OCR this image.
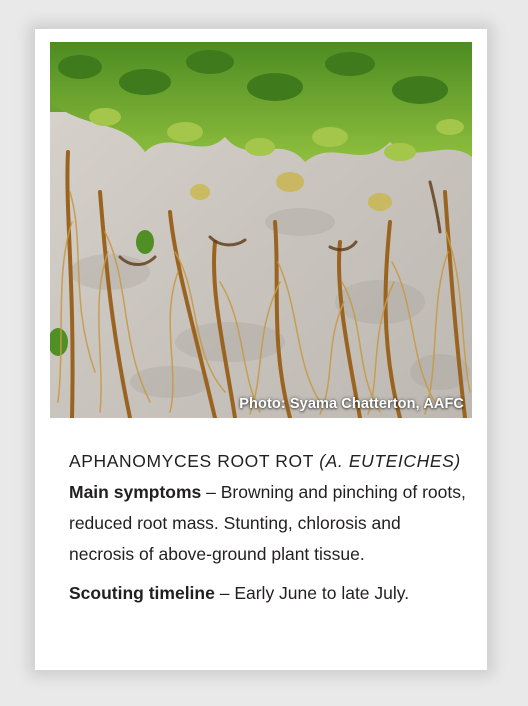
Photo: Syama Chatterton, AAFC
APHANOMYCES ROOT ROT (A. EUTEICHES)

Main symptoms – Browning and pinching of roots, reduced root mass. Stunting, chlorosis and necrosis of above-ground plant tissue.

Scouting timeline – Early June to late July.
